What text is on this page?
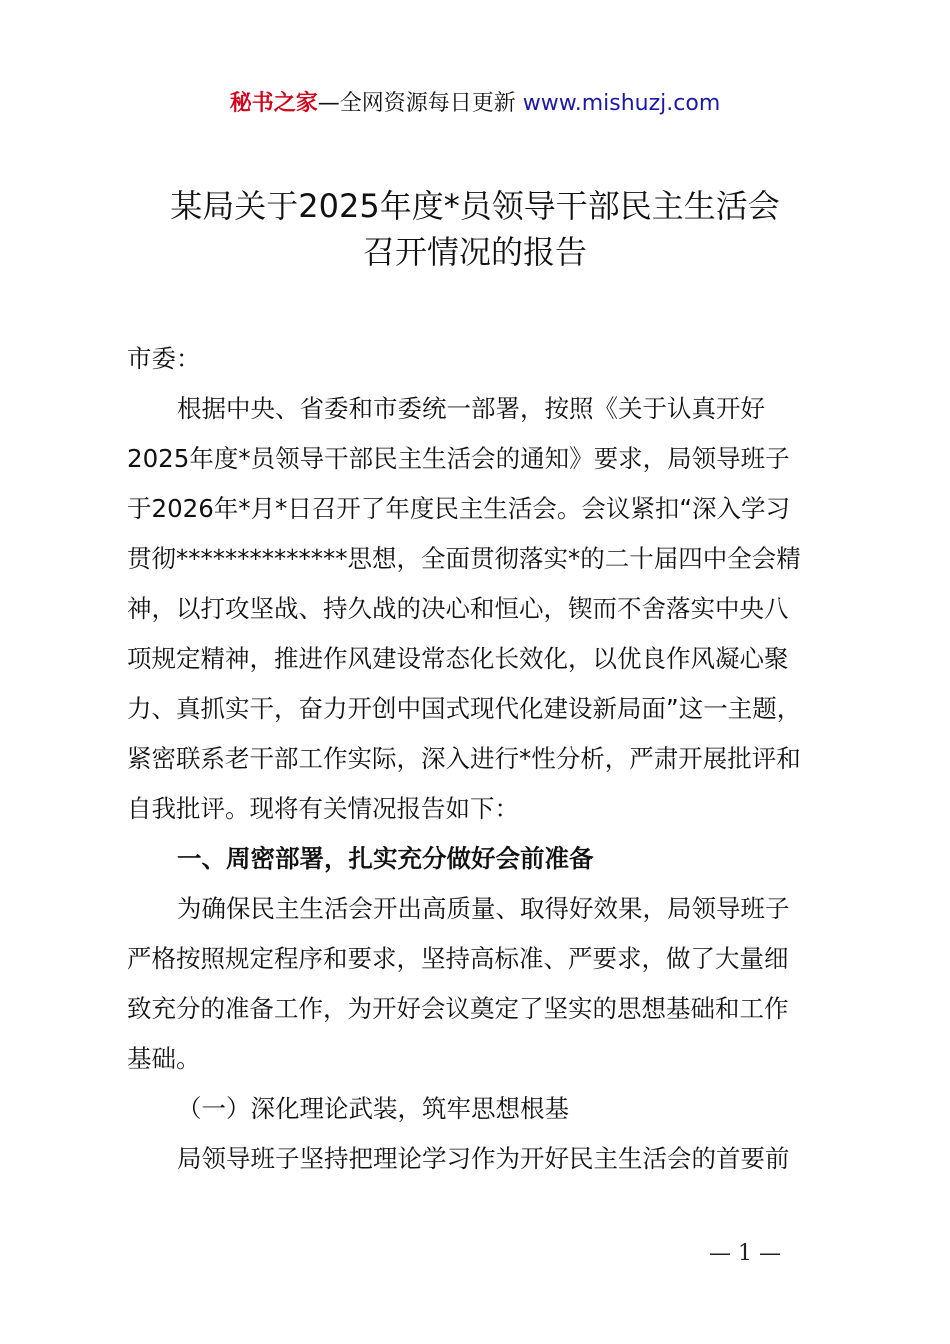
秘书之家—全网资源每日更新 www.mishuzj.com
某局关于2025年度*员领导干部民主生活会
召开情况的报告
市委：
根据中央、省委和市委统一部署，按照《关于认真开好
2025年度*员领导干部民主生活会的通知》要求，局领导班子
于2026年*月*日召开了年度民主生活会。会议紧扣“深入学习
贯彻**************思想，全面贯彻落实*的二十届四中全会精
神，以打攻坚战、持久战的决心和恒心，锲而不舍落实中央八
项规定精神，推进作风建设常态化长效化，以优良作风凝心聚
力、真抓实干，奋力开创中国式现代化建设新局面”这一主题，
紧密联系老干部工作实际，深入进行*性分析，严肃开展批评和
自我批评。现将有关情况报告如下：
一、周密部署，扎实充分做好会前准备
为确保民主生活会开出高质量、取得好效果，局领导班子
严格按照规定程序和要求，坚持高标准、严要求，做了大量细
致充分的准备工作，为开好会议奠定了坚实的思想基础和工作
基础。
（一）深化理论武装，筑牢思想根基
局领导班子坚持把理论学习作为开好民主生活会的首要前
— 1 —
